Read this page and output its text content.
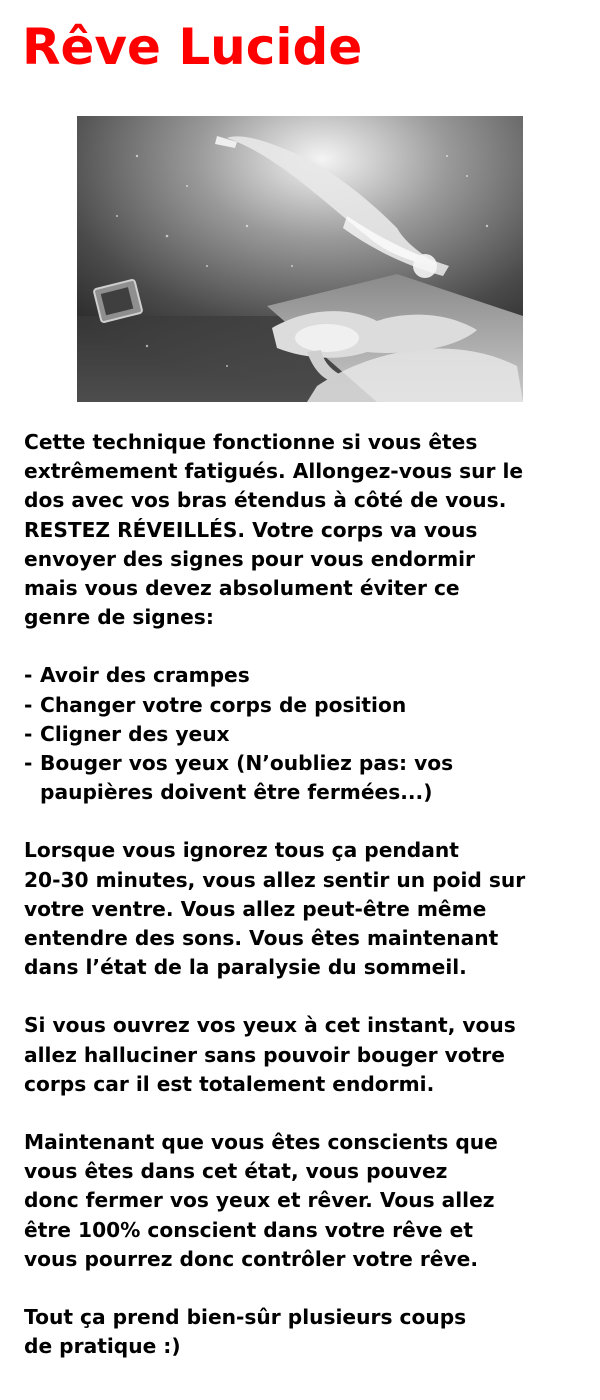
Rêve Lucide

Cette technique fonctionne si vous êtes
extrêmement fatigués. Allongez-vous sur le
dos avec vos bras étendus à côté de vous.
RESTEZ RÉVEILLÉS. Votre corps va vous
envoyer des signes pour vous endormir
mais vous devez absolument éviter ce
genre de signes:

- Avoir des crampes
- Changer votre corps de position
- Cligner des yeux
- Bouger vos yeux (N’oubliez pas: vos
paupières doivent être fermées...)

Lorsque vous ignorez tous ça pendant
20-30 minutes, vous allez sentir un poid sur
votre ventre. Vous allez peut-être même
entendre des sons. Vous êtes maintenant
dans l’état de la paralysie du sommeil.

Si vous ouvrez vos yeux à cet instant, vous
allez halluciner sans pouvoir bouger votre
corps car il est totalement endormi.

Maintenant que vous êtes conscients que
vous êtes dans cet état, vous pouvez
donc fermer vos yeux et rêver. Vous allez
être 100% conscient dans votre rêve et
vous pourrez donc contrôler votre rêve.

Tout ça prend bien-sûr plusieurs coups
de pratique :)
